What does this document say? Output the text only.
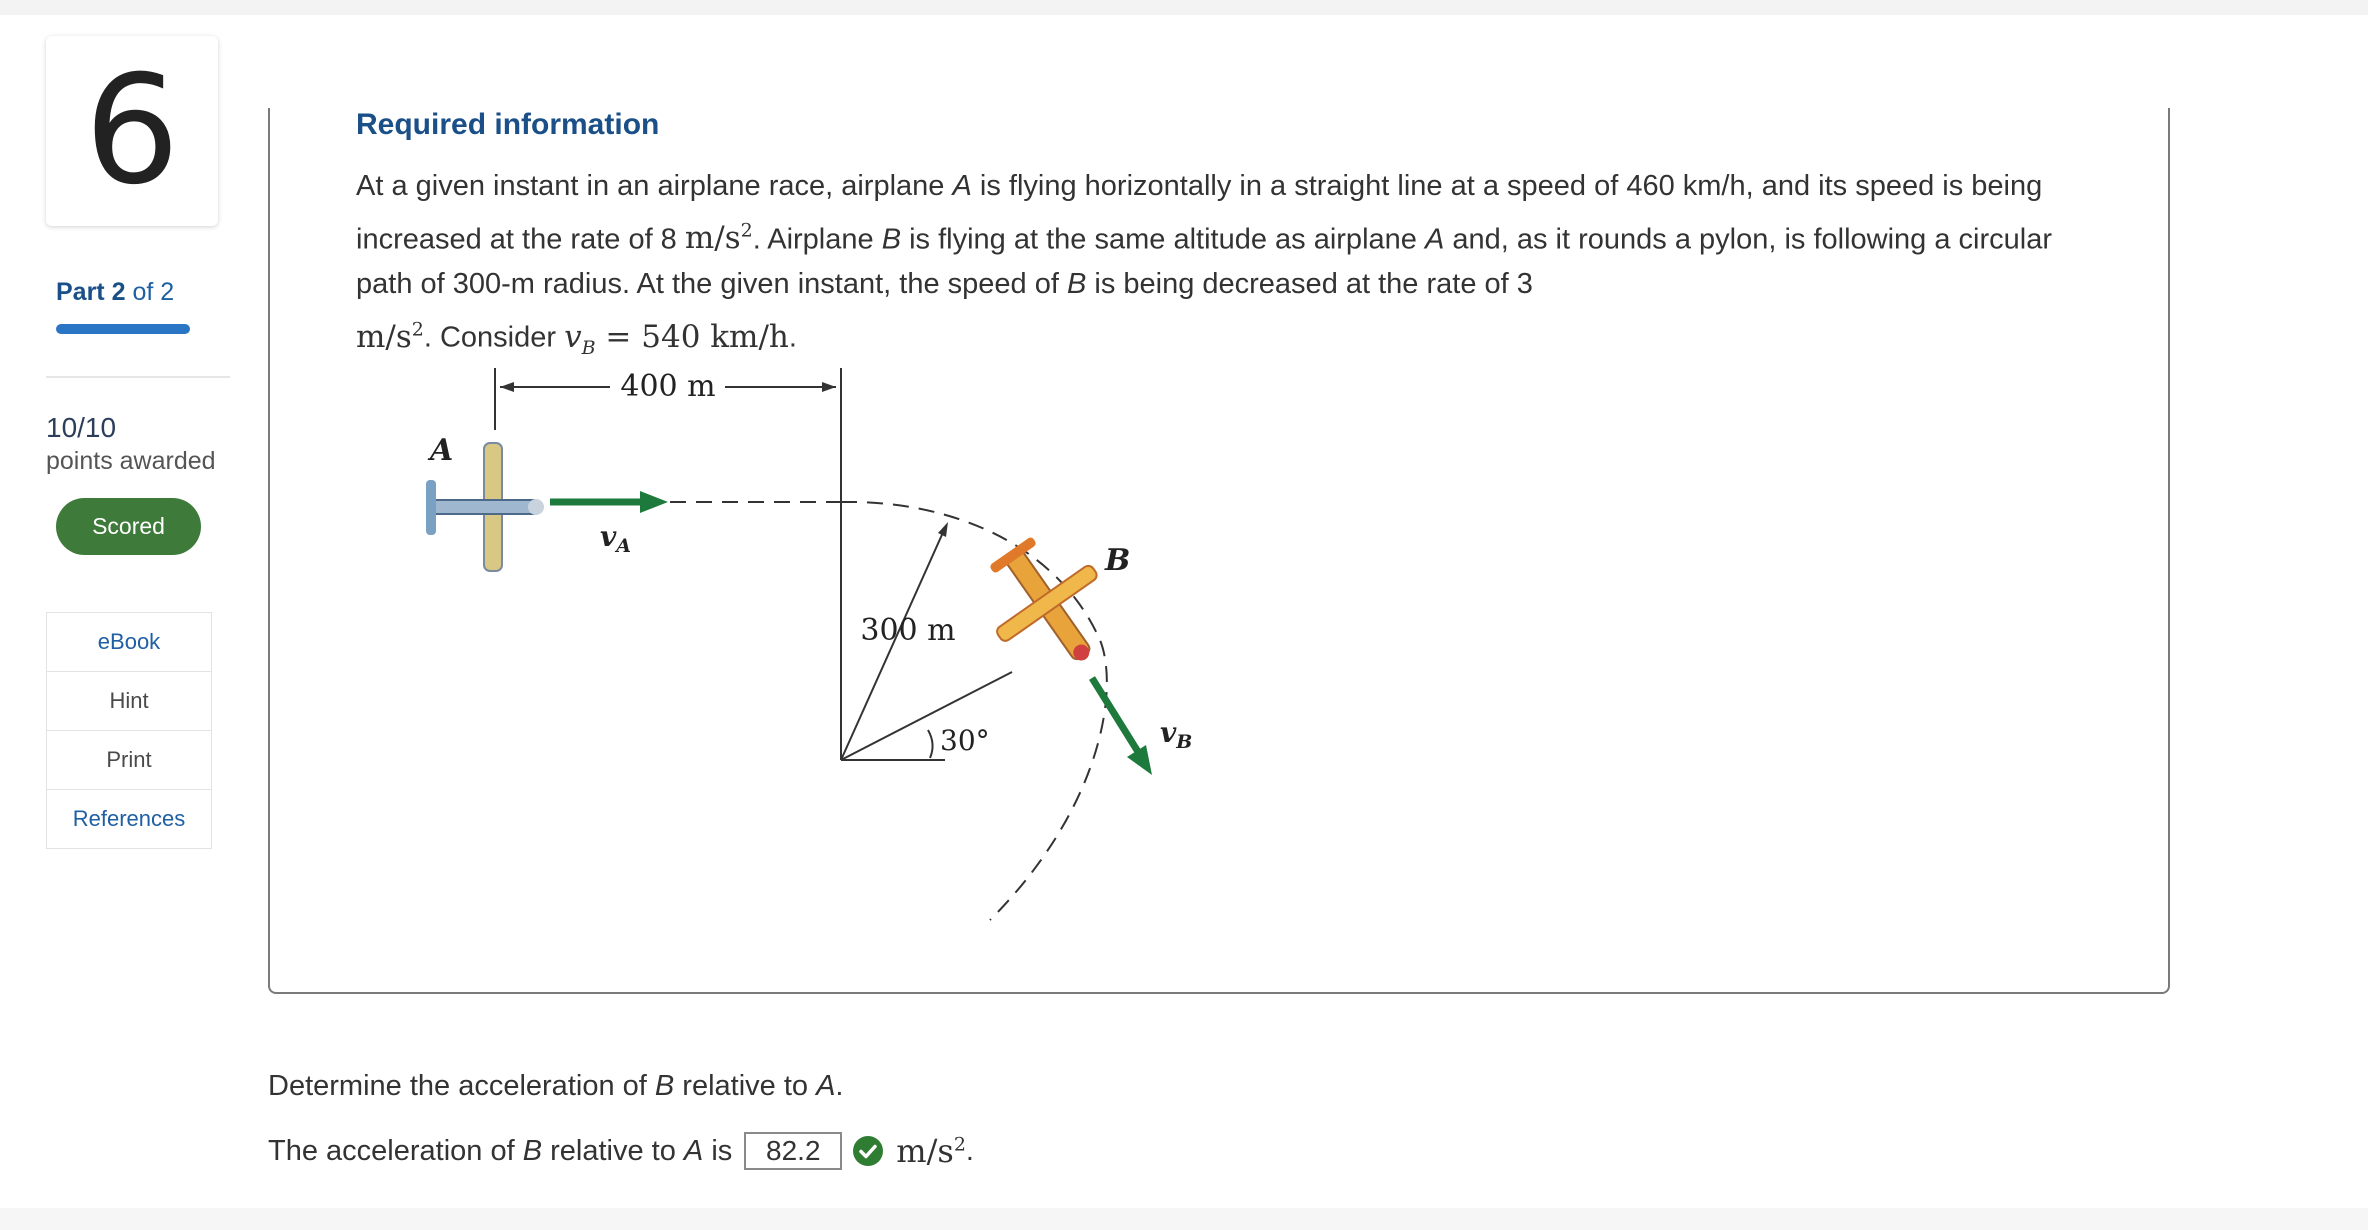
6
Part 2 of 2
10/10
points awarded
Scored
eBook
Hint
Print
References
Required information
At a given instant in an airplane race, airplane A is flying horizontally in a straight line at a speed of 460 km/h, and its speed is being increased at the rate of 8 $m/s^2$. Airplane B is flying at the same altitude as airplane A and, as it rounds a pylon, is following a circular path of 300-m radius. At the given instant, the speed of B is being decreased at the rate of 3
$m/s^2$. Consider $v_B = 540$ km/h.
400 m
A
$v_A$
300 m
30°
B
$v_B$
Determine the acceleration of B relative to A.
The acceleration of
B
relative to
A
is	82.2	$m/s^2$ .
